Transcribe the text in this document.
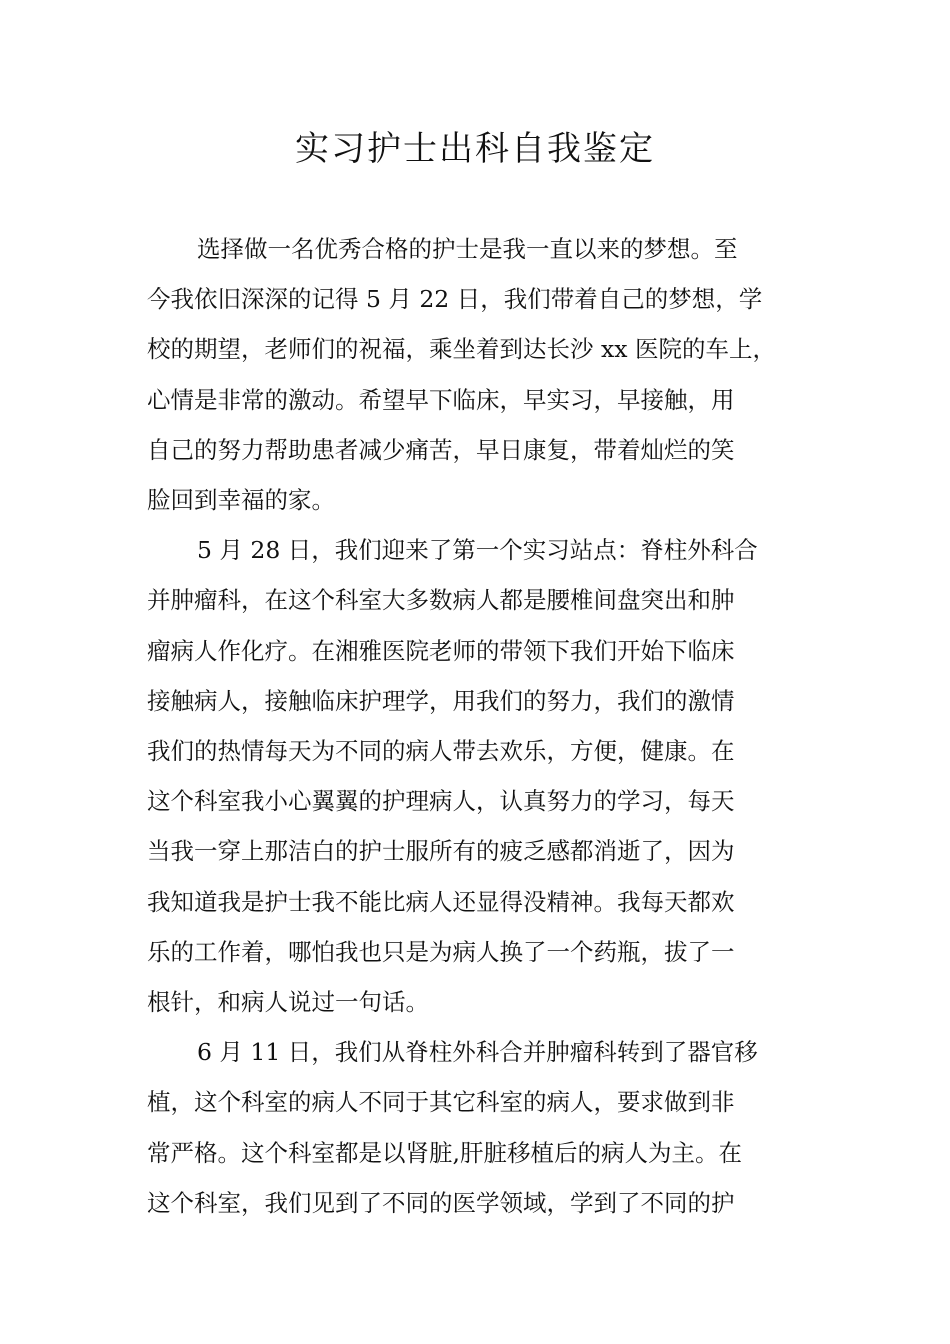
实习护士出科自我鉴定
选择做一名优秀合格的护士是我一直以来的梦想。至
今我依旧深深的记得 5 月 22 日，我们带着自己的梦想，学
校的期望，老师们的祝福，乘坐着到达长沙 xx 医院的车上，
心情是非常的激动。希望早下临床，早实习，早接触，用
自己的努力帮助患者减少痛苦，早日康复，带着灿烂的笑
脸回到幸福的家。
5 月 28 日，我们迎来了第一个实习站点：脊柱外科合
并肿瘤科，在这个科室大多数病人都是腰椎间盘突出和肿
瘤病人作化疗。在湘雅医院老师的带领下我们开始下临床
接触病人，接触临床护理学，用我们的努力，我们的激情
我们的热情每天为不同的病人带去欢乐，方便，健康。在
这个科室我小心翼翼的护理病人，认真努力的学习，每天
当我一穿上那洁白的护士服所有的疲乏感都消逝了，因为
我知道我是护士我不能比病人还显得没精神。我每天都欢
乐的工作着，哪怕我也只是为病人换了一个药瓶，拔了一
根针，和病人说过一句话。
6 月 11 日，我们从脊柱外科合并肿瘤科转到了器官移
植，这个科室的病人不同于其它科室的病人，要求做到非
常严格。这个科室都是以肾脏,肝脏移植后的病人为主。在
这个科室，我们见到了不同的医学领域，学到了不同的护
